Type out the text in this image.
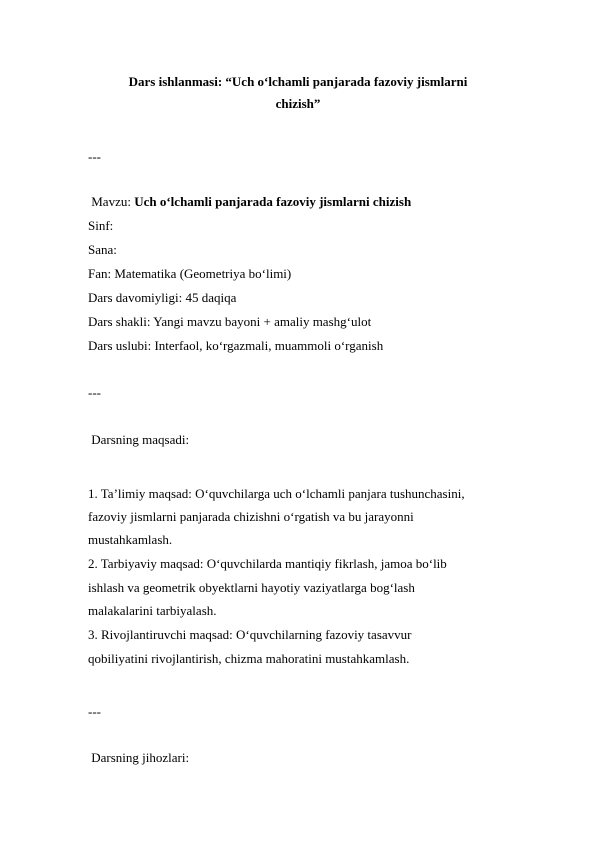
Dars ishlanmasi: “Uch o‘lchamli panjarada fazoviy jismlarni
chizish”
---
Mavzu: Uch o‘lchamli panjarada fazoviy jismlarni chizish
Sinf:
Sana:
Fan: Matematika (Geometriya bo‘limi)
Dars davomiyligi: 45 daqiqa
Dars shakli: Yangi mavzu bayoni + amaliy mashg‘ulot
Dars uslubi: Interfaol, ko‘rgazmali, muammoli o‘rganish
---
Darsning maqsadi:
1. Ta’limiy maqsad: O‘quvchilarga uch o‘lchamli panjara tushunchasini,
fazoviy jismlarni panjarada chizishni o‘rgatish va bu jarayonni
mustahkamlash.
2. Tarbiyaviy maqsad: O‘quvchilarda mantiqiy fikrlash, jamoa bo‘lib
ishlash va geometrik obyektlarni hayotiy vaziyatlarga bog‘lash
malakalarini tarbiyalash.
3. Rivojlantiruvchi maqsad: O‘quvchilarning fazoviy tasavvur
qobiliyatini rivojlantirish, chizma mahoratini mustahkamlash.
---
Darsning jihozlari:
